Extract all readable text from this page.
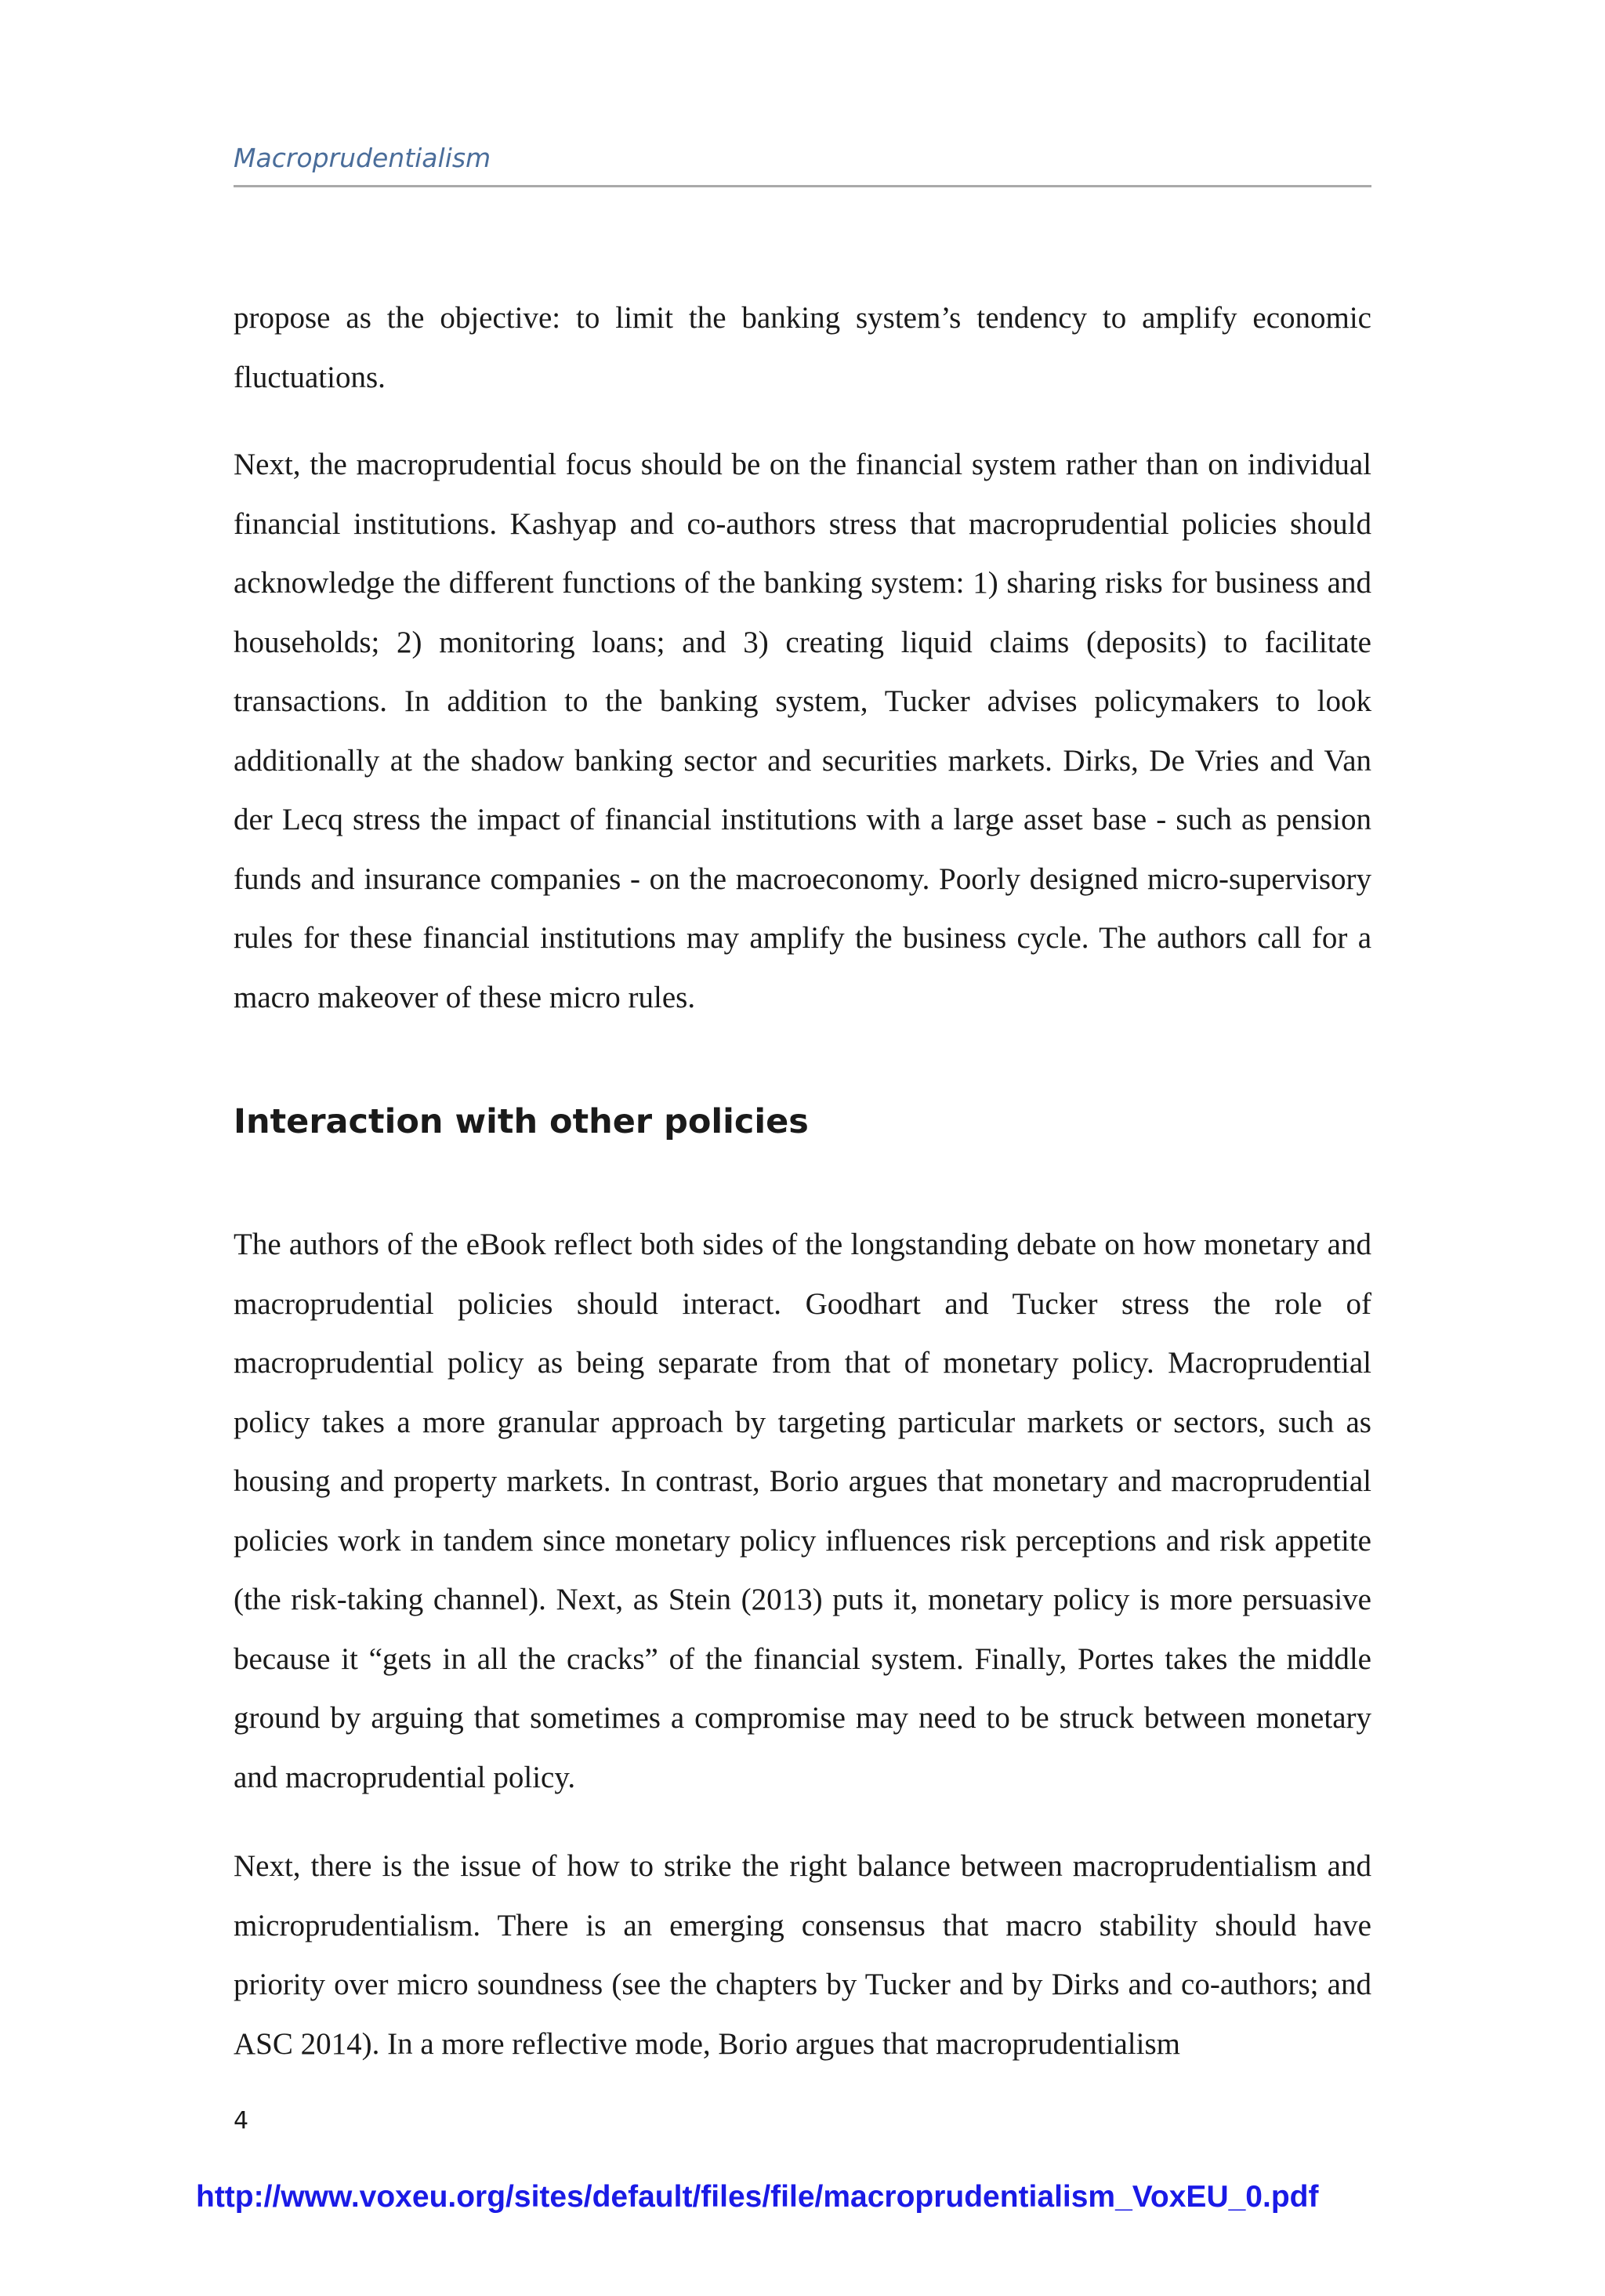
Macroprudentialism

propose as the objective: to limit the banking system’s tendency to amplify economic fluctuations.

Next, the macroprudential focus should be on the financial system rather than on individual financial institutions. Kashyap and co-authors stress that macroprudential policies should acknowledge the different functions of the banking system: 1) sharing risks for business and households; 2) monitoring loans; and 3) creating liquid claims (deposits) to facilitate transactions. In addition to the banking system, Tucker advises policymakers to look additionally at the shadow banking sector and securities markets. Dirks, De Vries and Van der Lecq stress the impact of financial institutions with a large asset base - such as pension funds and insurance companies - on the macroeconomy. Poorly designed micro-supervisory rules for these financial institutions may amplify the business cycle. The authors call for a macro makeover of these micro rules.

Interaction with other policies

The authors of the eBook reflect both sides of the longstanding debate on how monetary and macroprudential policies should interact. Goodhart and Tucker stress the role of macroprudential policy as being separate from that of monetary policy. Macroprudential policy takes a more granular approach by targeting particular markets or sectors, such as housing and property markets. In contrast, Borio argues that monetary and macroprudential policies work in tandem since monetary policy influences risk perceptions and risk appetite (the risk-taking channel). Next, as Stein (2013) puts it, monetary policy is more persuasive because it “gets in all the cracks” of the financial system. Finally, Portes takes the middle ground by arguing that sometimes a compromise may need to be struck between monetary and macroprudential policy.

Next, there is the issue of how to strike the right balance between macroprudentialism and microprudentialism. There is an emerging consensus that macro stability should have priority over micro soundness (see the chapters by Tucker and by Dirks and co-authors; and ASC 2014). In a more reflective mode, Borio argues that macroprudentialism

4
http://www.voxeu.org/sites/default/files/file/macroprudentialism_VoxEU_0.pdf
